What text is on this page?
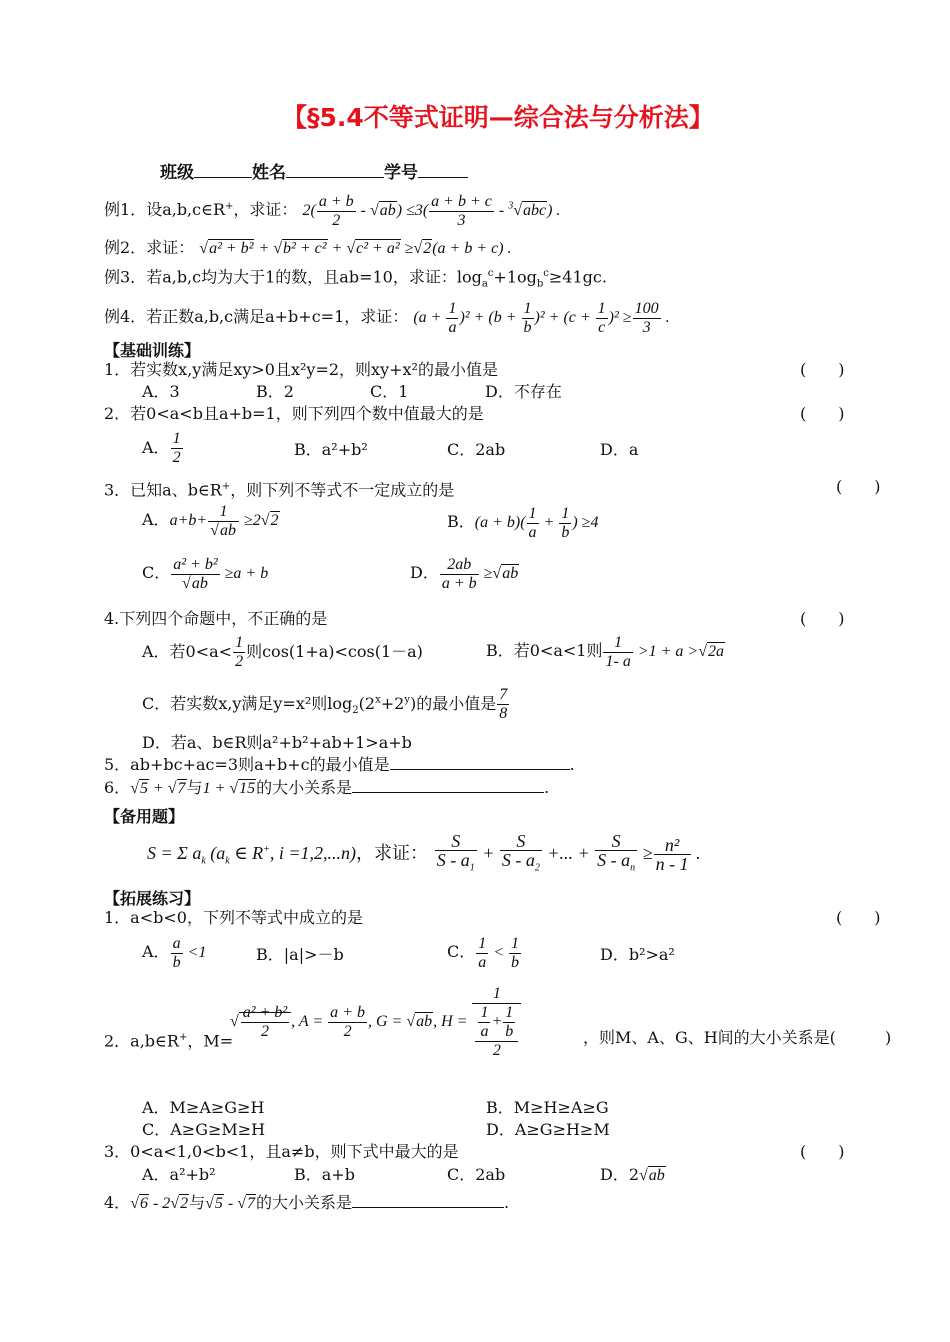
【§5.4不等式证明—综合法与分析法】
班级	姓名	学号
例1．设a,b,c∈R+，求证： $2( \frac{a + b}{2} - √ab) \le 3( \frac{a + b + c}{3} - ^3√abc)$ .
例2．求证： √a² + b² + √b² + c² + √c² + a² ≥√2(a + b + c) .
例3．若a,b,c均为大于1的数，且ab=10，求证：$\log_a^c+1og_b^c\ge 41gc$.
例4．若正数a,b,c满足a+b+c=1，求证： $(a + \frac{1}{a} )^2 + (b + \frac{1}{b} )^2 + (c + \frac{1}{c} )^2 \ge \frac{100}{3}$ .
【基础训练】
1．若实数x,y满足xy>0且x²y=2，则xy+x²的最小值是	(　　)
A．3	B．2	C．1	D．不存在
2．若0<a<b且a+b=1，则下列四个数中值最大的是	(　　)
A． $\frac{1}{2}$	B．a²+b²	C．2ab	D．a
3．已知a、b∈R+，则下列不等式不一定成立的是	(　　)
A．$a+b+ \frac{1}{√ab} \ge 2√2$	B．$(a + b)( \frac{1}{a} + \frac{1}{b}$ ) ≥4
C． $\frac{\text{a² + b²}}{√ab} \ge a + b$	D． $\frac{2ab}{a + b} \ge√ab$
4.下列四个命题中，不正确的是	(　　)
A．若$0<a< \frac{1}{2}$ 则cos(1+a)<cos(1－a)	B．若0<a<1则 $\frac{1}{1- a} >1 + a >√2a$
C．若实数x,y满足y=x²则$\log_2(2^x+2^y)$的最小值是 $\frac{7}{8}$
D．若a、b∈R则a²+b²+ab+1>a+b
5．ab+bc+ac=3则a+b+c的最小值是	.
6．√5 + √7与1 + √15的大小关系是	.
【备用题】
S = Σ $a_k$ ($a_k$ ∈ R+, i =1,2,...n)，求证： $\frac{S}{S - a_1} + \frac{S}{S - a_2}$ +... + $\frac{S}{S - a_n} \ge \frac{\text{n²}}{n - 1}$ .
【拓展练习】
1．a<b<0，下列不等式中成立的是	(　　)
A． $\frac{a}{b} <1$	B．|a|>－b	C． $\frac{1}{a} < \frac{1}{b}$	D．b²>a²
2．a,b∈R+，M=
√ $\frac{\text{a² + b²}}{2}$ , $A = \frac{a + b}{2}$ , G = √ab, $H = \frac{1}{\frac{\frac{1}{a} + \frac{1}{b}}{2}}$	，则M、A、G、H间的大小关系是(	)
A．M≥A≥G≥H	B．M≥H≥A≥G
C．A≥G≥M≥H	D．A≥G≥H≥M
3．0<a<1,0<b<1，且a≠b，则下式中最大的是	(　　)
A．a²+b²	B．a+b	C．2ab	D．2√ab
4．√6 - 2√2与√5 - √7的大小关系是	.
